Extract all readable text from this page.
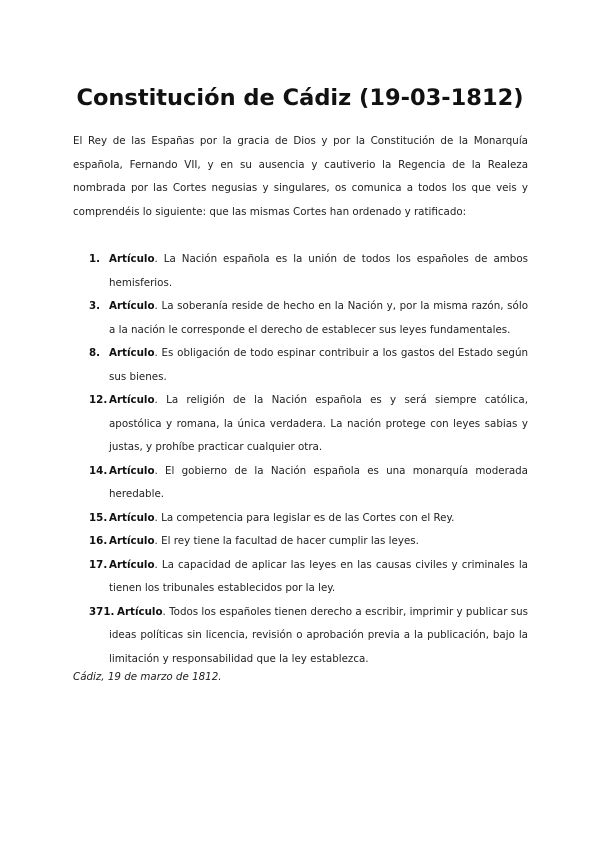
Constitución de Cádiz (19-03-1812)
El Rey de las Españas por la gracia de Dios y por la Constitución de la Monarquía española, Fernando VII, y en su ausencia y cautiverio la Regencia de la Realeza nombrada por las Cortes negusias y singulares, os comunica a todos los que veis y comprendéis lo siguiente: que las mismas Cortes han ordenado y ratificado:
1. Artículo. La Nación española es la unión de todos los españoles de ambos hemisferios.
3. Artículo. La soberanía reside de hecho en la Nación y, por la misma razón, sólo a la nación le corresponde el derecho de establecer sus leyes fundamentales.
8. Artículo. Es obligación de todo espinar contribuir a los gastos del Estado según sus bienes.
12. Artículo. La religión de la Nación española es y será siempre católica, apostólica y romana, la única verdadera. La nación protege con leyes sabias y justas, y prohíbe practicar cualquier otra.
14. Artículo. El gobierno de la Nación española es una monarquía moderada heredable.
15. Artículo. La competencia para legislar es de las Cortes con el Rey.
16. Artículo. El rey tiene la facultad de hacer cumplir las leyes.
17. Artículo. La capacidad de aplicar las leyes en las causas civiles y criminales la tienen los tribunales establecidos por la ley.
371. Artículo. Todos los españoles tienen derecho a escribir, imprimir y publicar sus ideas políticas sin licencia, revisión o aprobación previa a la publicación, bajo la limitación y responsabilidad que la ley establezca.
Cádiz, 19 de marzo de 1812.
